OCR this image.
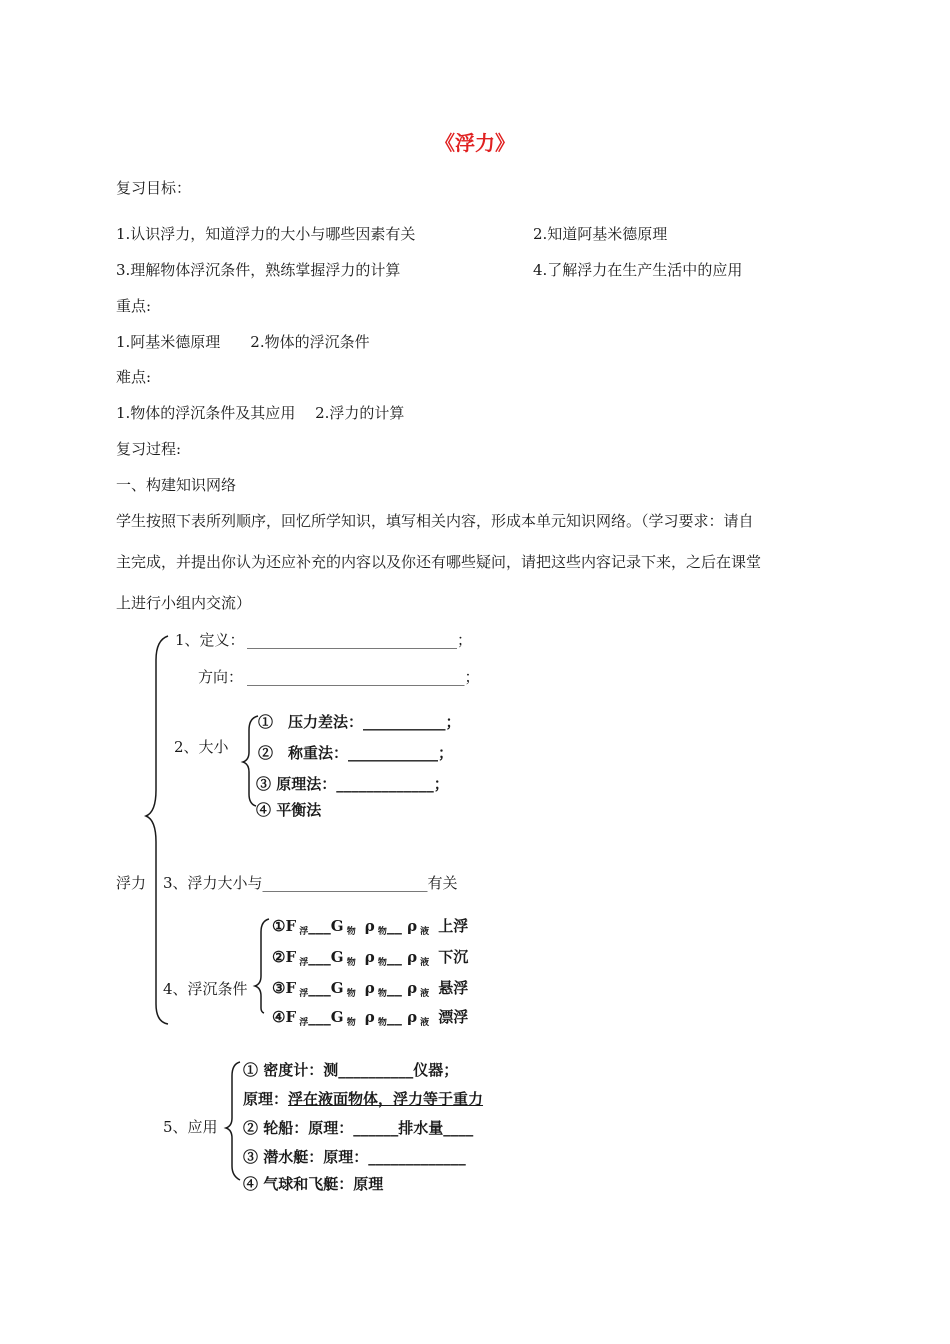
《浮力》
复习目标：
1.认识浮力，知道浮力的大小与哪些因素有关	2.知道阿基米德原理
3.理解物体浮沉条件，熟练掌握浮力的计算	4.了解浮力在生产生活中的应用
重点:
1.阿基米德原理　　2.物体的浮沉条件
难点:
1.物体的浮沉条件及其应用　 2.浮力的计算
复习过程:
一、构建知识网络
学生按照下表所列顺序，回忆所学知识，填写相关内容，形成本单元知识网络。（学习要求：请自
主完成，并提出你认为还应补充的内容以及你还有哪些疑问，请把这些内容记录下来，之后在课堂
上进行小组内交流）
1、定义： ____________________________；
方向： _____________________________；
2、大小
①　压力差法：___________；
②　称重法：____________；
③ 原理法：_____________；
④ 平衡法
浮力 3、浮力大小与______________________有关
4、浮沉条件
①F $_浮$___G $_物$　ρ $_物$__ ρ $_液$　上浮
②F $_浮$___G $_物$　ρ $_物$__ ρ $_液$　下沉
③F $_浮$___G $_物$　ρ $_物$__ ρ $_液$　悬浮
④F $_浮$___G $_物$　ρ $_物$__ ρ $_液$　漂浮
5、应用
① 密度计：测__________仪器；
原理：浮在液面物体，浮力等于重力
② 轮船：原理：______排水量____
③ 潜水艇：原理：_____________
④ 气球和飞艇：原理
